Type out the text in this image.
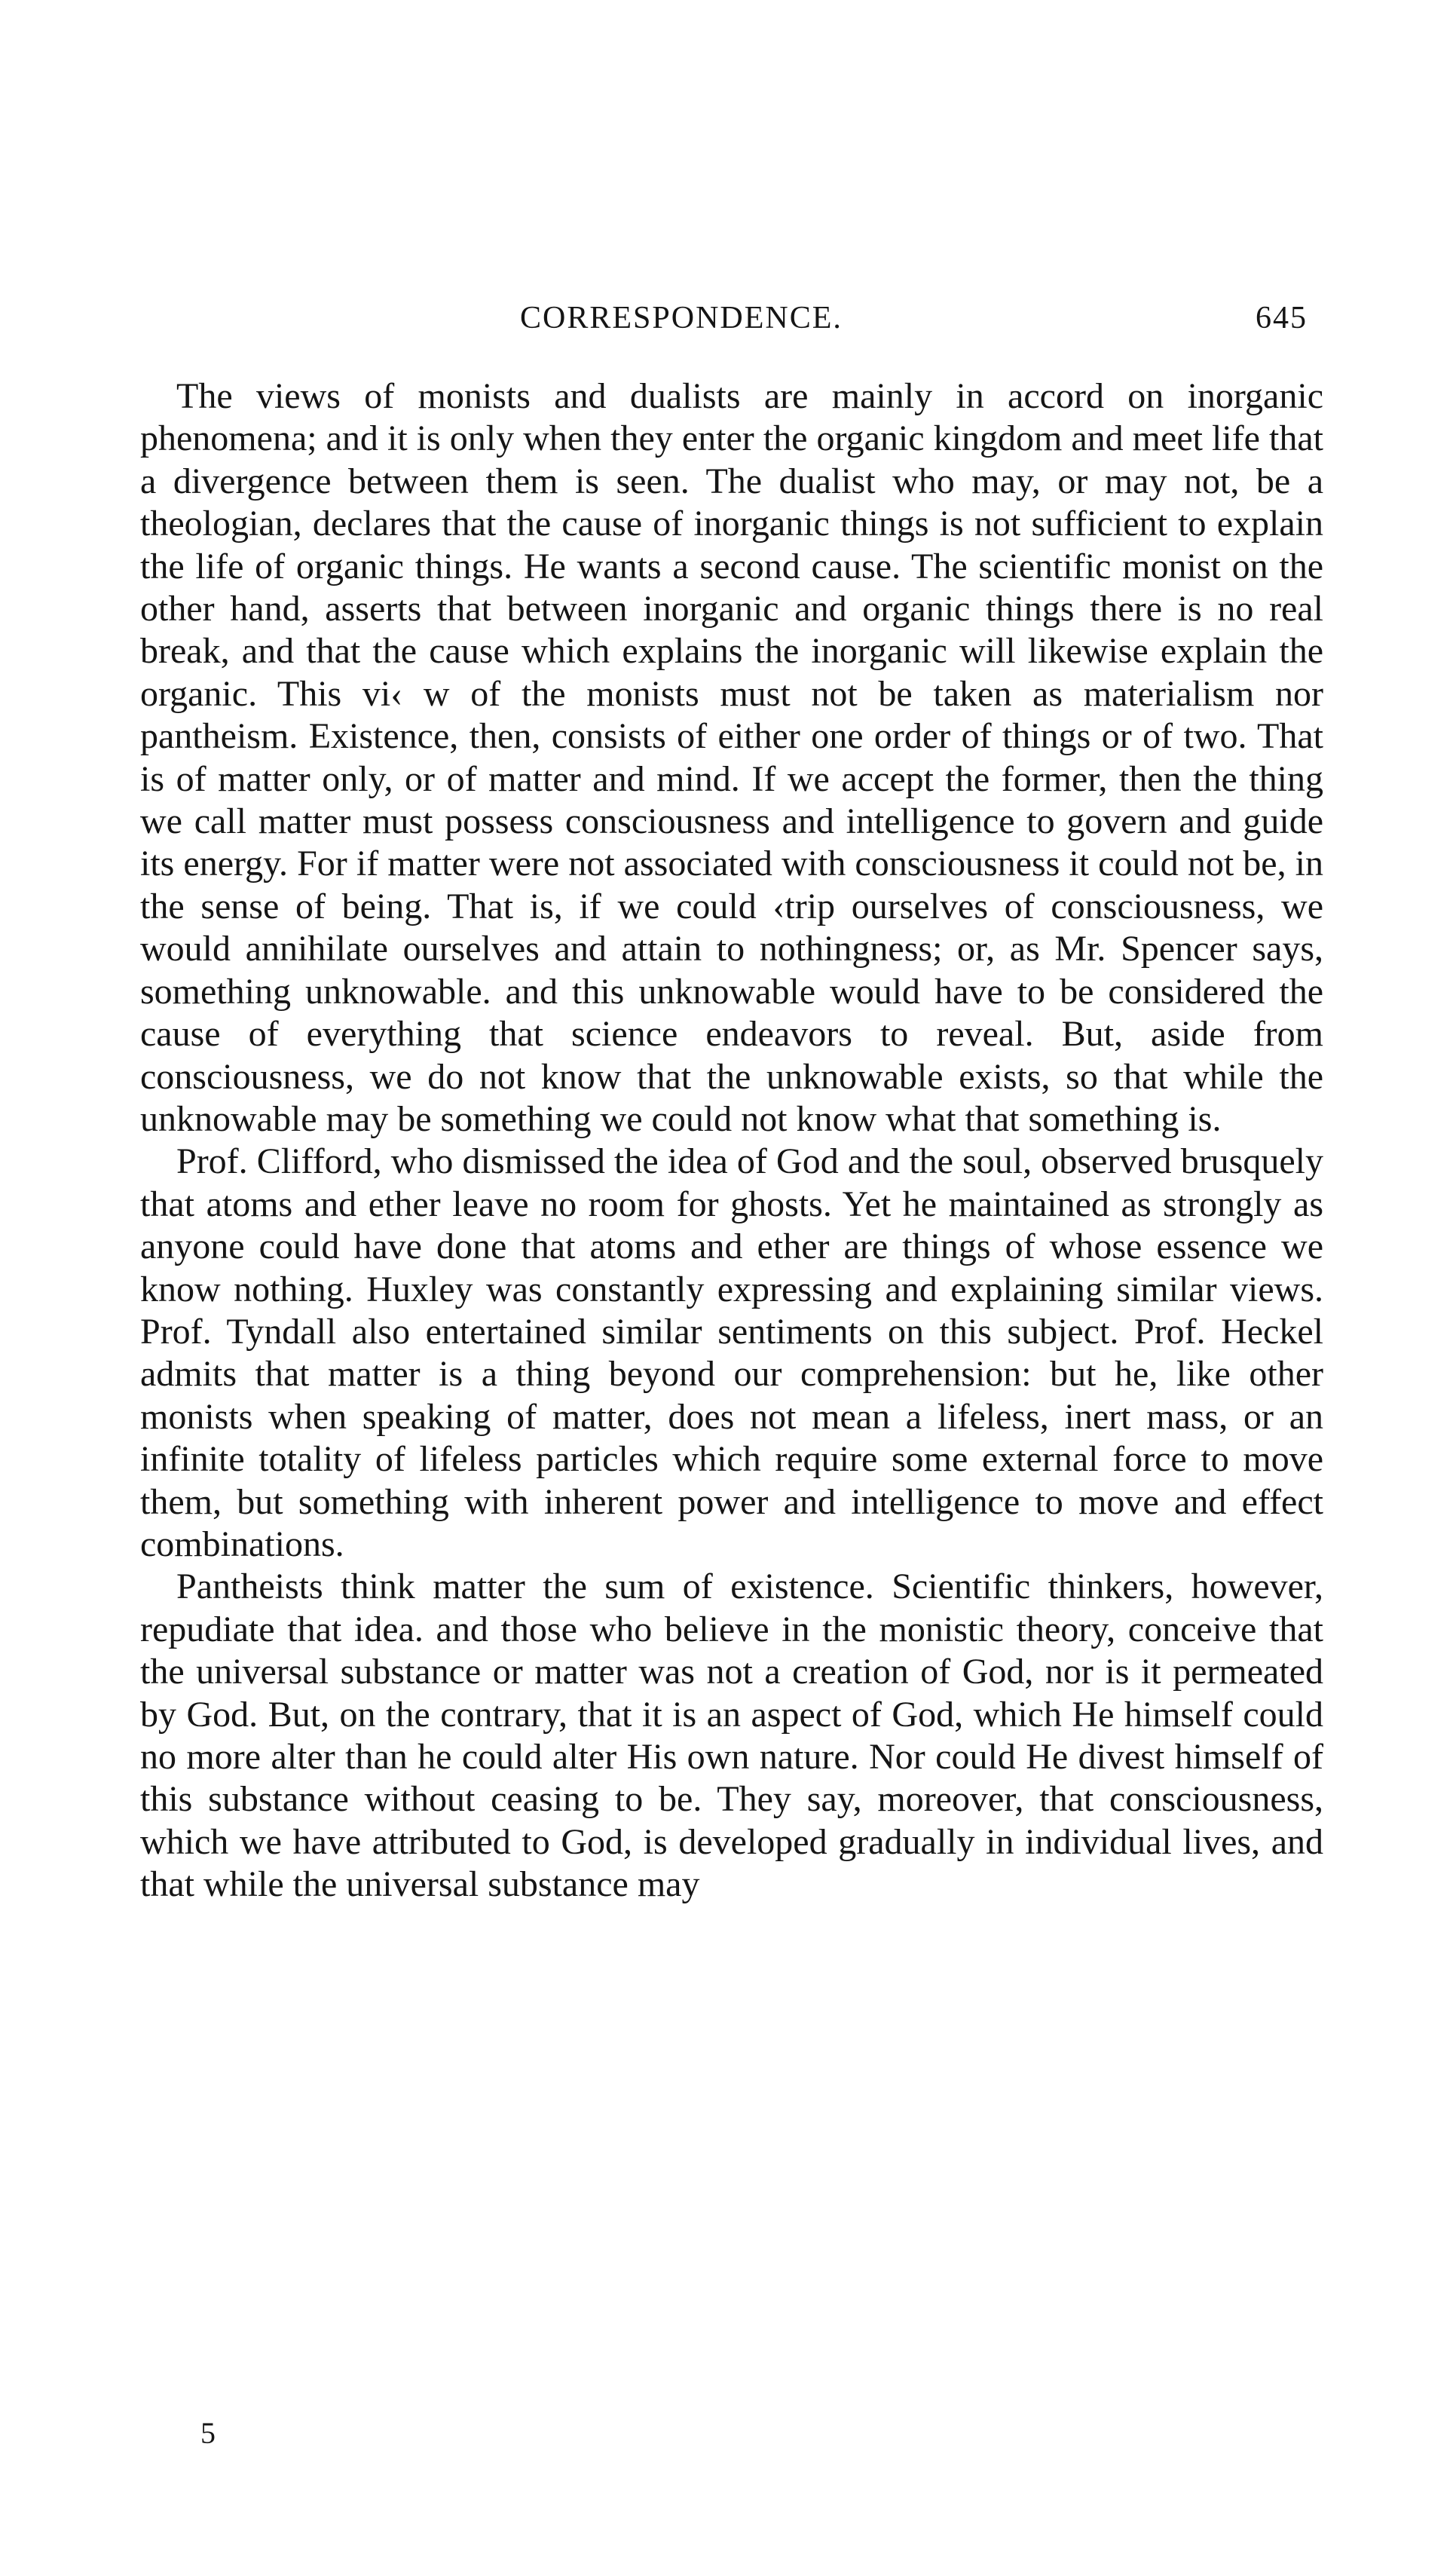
CORRESPONDENCE.	645

The views of monists and dualists are mainly in accord on inorganic phenomena; and it is only when they enter the organic kingdom and meet life that a divergence between them is seen. The dualist who may, or may not, be a theologian, declares that the cause of inorganic things is not sufficient to explain the life of organic things. He wants a second cause. The scientific monist on the other hand, asserts that between inorganic and organic things there is no real break, and that the cause which explains the inorganic will likewise explain the organic. This vi‹ w of the monists must not be taken as materialism nor pantheism. Existence, then, consists of either one order of things or of two. That is of matter only, or of matter and mind. If we accept the former, then the thing we call matter must possess consciousness and intelligence to govern and guide its energy. For if matter were not associated with consciousness it could not be, in the sense of being. That is, if we could ‹trip ourselves of consciousness, we would annihilate ourselves and attain to nothingness; or, as Mr. Spencer says, something unknowable. and this unknowable would have to be considered the cause of everything that science endeavors to reveal. But, aside from consciousness, we do not know that the unknowable exists, so that while the unknowable may be something we could not know what that something is.

Prof. Clifford, who dismissed the idea of God and the soul, observed brusquely that atoms and ether leave no room for ghosts. Yet he maintained as strongly as anyone could have done that atoms and ether are things of whose essence we know nothing. Huxley was constantly expressing and explaining similar views. Prof. Tyndall also entertained similar sentiments on this subject. Prof. Heckel admits that matter is a thing beyond our comprehension: but he, like other monists when speaking of matter, does not mean a lifeless, inert mass, or an infinite totality of lifeless particles which require some external force to move them, but something with inherent power and intelligence to move and effect combinations.

Pantheists think matter the sum of existence. Scientific thinkers, however, repudiate that idea. and those who believe in the monistic theory, conceive that the universal substance or matter was not a creation of God, nor is it permeated by God. But, on the contrary, that it is an aspect of God, which He himself could no more alter than he could alter His own nature. Nor could He divest himself of this substance without ceasing to be. They say, moreover, that consciousness, which we have attributed to God, is developed gradually in individual lives, and that while the universal substance may

5
